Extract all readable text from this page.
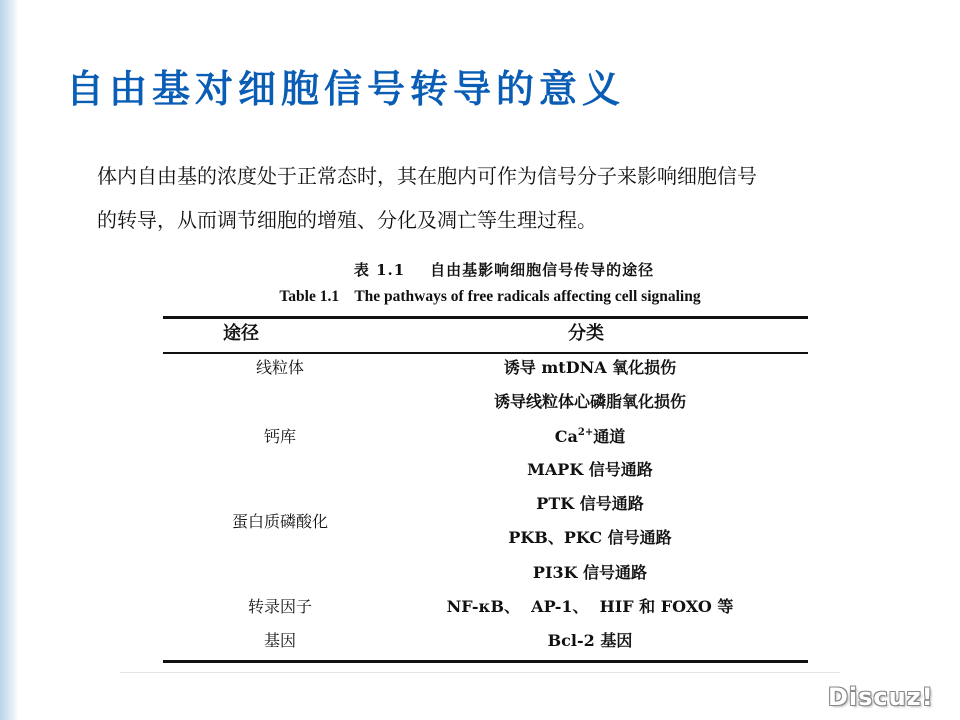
自由基对细胞信号转导的意义
体内自由基的浓度处于正常态时，其在胞内可作为信号分子来影响细胞信号
的转导，从而调节细胞的增殖、分化及凋亡等生理过程。
表 1.1    自由基影响细胞信号传导的途径
Table 1.1    The pathways of free radicals affecting cell signaling
途径	分类
线粒体
钙库
蛋白质磷酸化
转录因子
基因
诱导 mtDNA 氧化损伤
诱导线粒体心磷脂氧化损伤
$Ca^{2+}$通道
MAPK 信号通路
PTK 信号通路
PKB、PKC 信号通路
PI3K 信号通路
NF-κB、  AP-1、  HIF 和 FOXO 等
Bcl-2 基因
Discuz!
